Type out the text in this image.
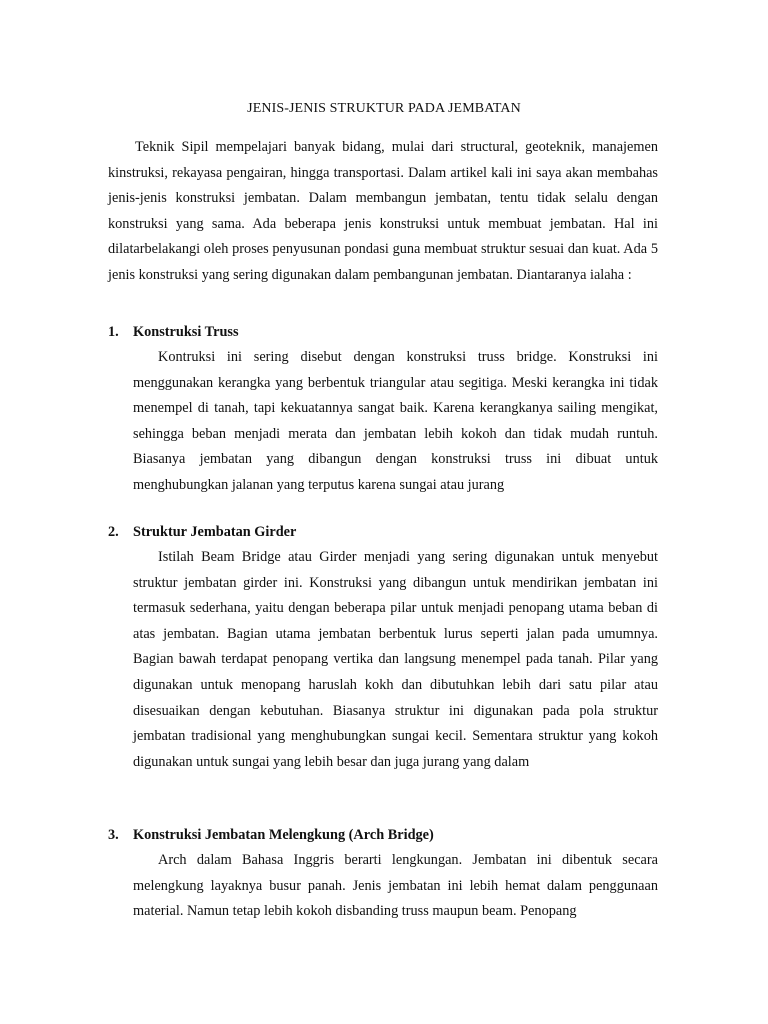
JENIS-JENIS STRUKTUR PADA JEMBATAN

Teknik Sipil mempelajari banyak bidang, mulai dari structural, geoteknik, manajemen kinstruksi, rekayasa pengairan, hingga transportasi. Dalam artikel kali ini saya akan membahas jenis-jenis konstruksi jembatan. Dalam membangun jembatan, tentu tidak selalu dengan konstruksi yang sama. Ada beberapa jenis konstruksi untuk membuat jembatan. Hal ini dilatarbelakangi oleh proses penyusunan pondasi guna membuat struktur sesuai dan kuat. Ada 5 jenis konstruksi yang sering digunakan dalam pembangunan jembatan. Diantaranya ialaha :

1. Konstruksi Truss

Kontruksi ini sering disebut dengan konstruksi truss bridge. Konstruksi ini menggunakan kerangka yang berbentuk triangular atau segitiga. Meski kerangka ini tidak menempel di tanah, tapi kekuatannya sangat baik. Karena kerangkanya sailing mengikat, sehingga beban menjadi merata dan jembatan lebih kokoh dan tidak mudah runtuh. Biasanya jembatan yang dibangun dengan konstruksi truss ini dibuat untuk menghubungkan jalanan yang terputus karena sungai atau jurang

2. Struktur Jembatan Girder

Istilah Beam Bridge atau Girder menjadi yang sering digunakan untuk menyebut struktur jembatan girder ini. Konstruksi yang dibangun untuk mendirikan jembatan ini termasuk sederhana, yaitu dengan beberapa pilar untuk menjadi penopang utama beban di atas jembatan. Bagian utama jembatan berbentuk lurus seperti jalan pada umumnya. Bagian bawah terdapat penopang vertika dan langsung menempel pada tanah. Pilar yang digunakan untuk menopang haruslah kokh dan dibutuhkan lebih dari satu pilar atau disesuaikan dengan kebutuhan. Biasanya struktur ini digunakan pada pola struktur jembatan tradisional yang menghubungkan sungai kecil. Sementara struktur yang kokoh digunakan untuk sungai yang lebih besar dan juga jurang yang dalam

3. Konstruksi Jembatan Melengkung (Arch Bridge)

Arch dalam Bahasa Inggris berarti lengkungan. Jembatan ini dibentuk secara melengkung layaknya busur panah. Jenis jembatan ini lebih hemat dalam penggunaan material. Namun tetap lebih kokoh disbanding truss maupun beam. Penopang
